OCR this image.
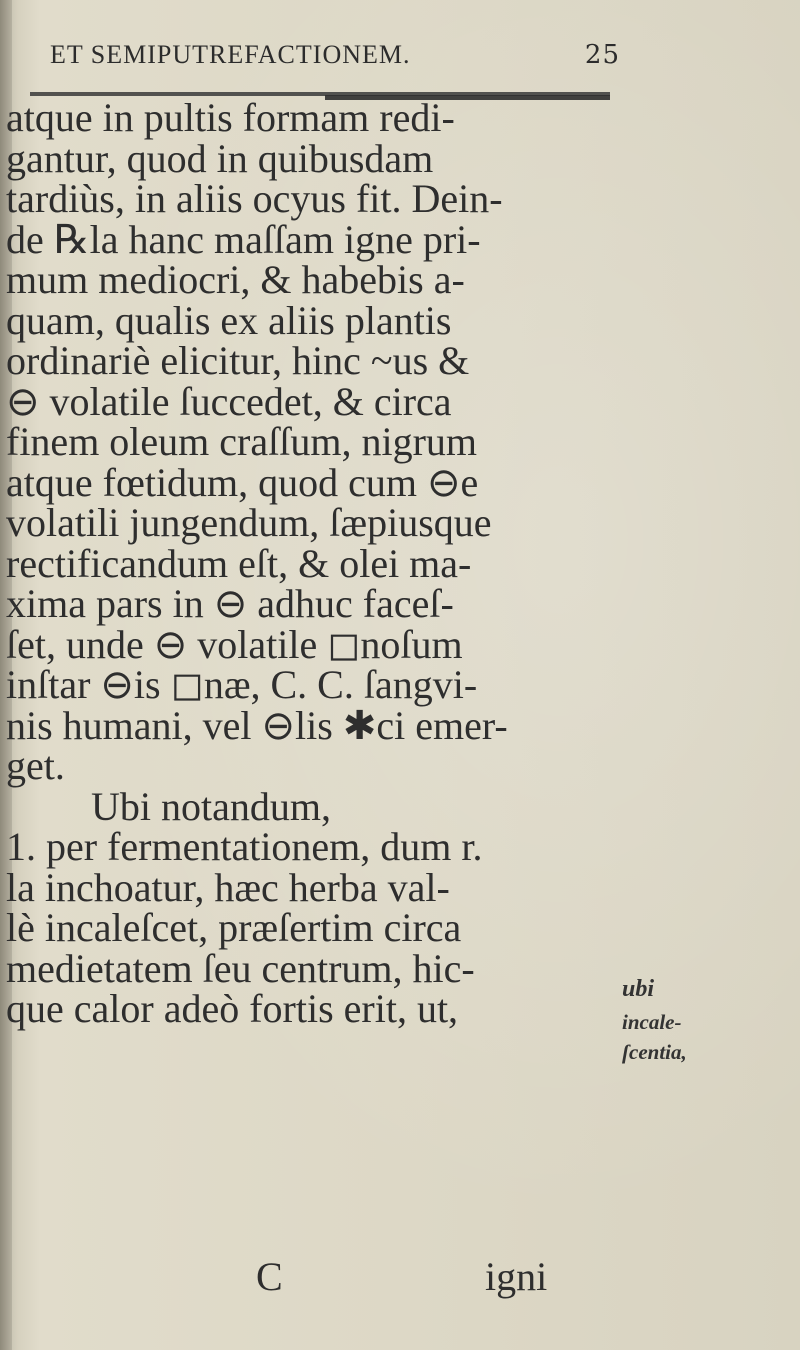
ET SEMIPUTREFACTIONEM.	25
atque in pultis formam redi-
gantur, quod in quibusdam
tardiùs, in aliis ocyus fit. Dein-
de ℞la hanc maſſam igne pri-
mum mediocri, & habebis a-
quam, qualis ex aliis plantis
ordinariè elicitur, hinc ~us &
⊖ volatile ſuccedet, & circa
finem oleum craſſum, nigrum
atque fœtidum, quod cum ⊖e
volatili jungendum, ſæpiusque
rectificandum eſt, & olei ma-
xima pars in ⊖ adhuc faceſ-
ſet, unde ⊖ volatile ◻noſum
inſtar ⊖is ◻næ, C. C. ſangvi-
nis humani, vel ⊖lis ✱ci emer-
get.
Ubi notandum,
1. per fermentationem, dum r.
la inchoatur, hæc herba val-
lè incaleſcet, præſertim circa
medietatem ſeu centrum, hic-
que calor adeò fortis erit, ut,	ubi
incale-
ſcentia,
C	igni
